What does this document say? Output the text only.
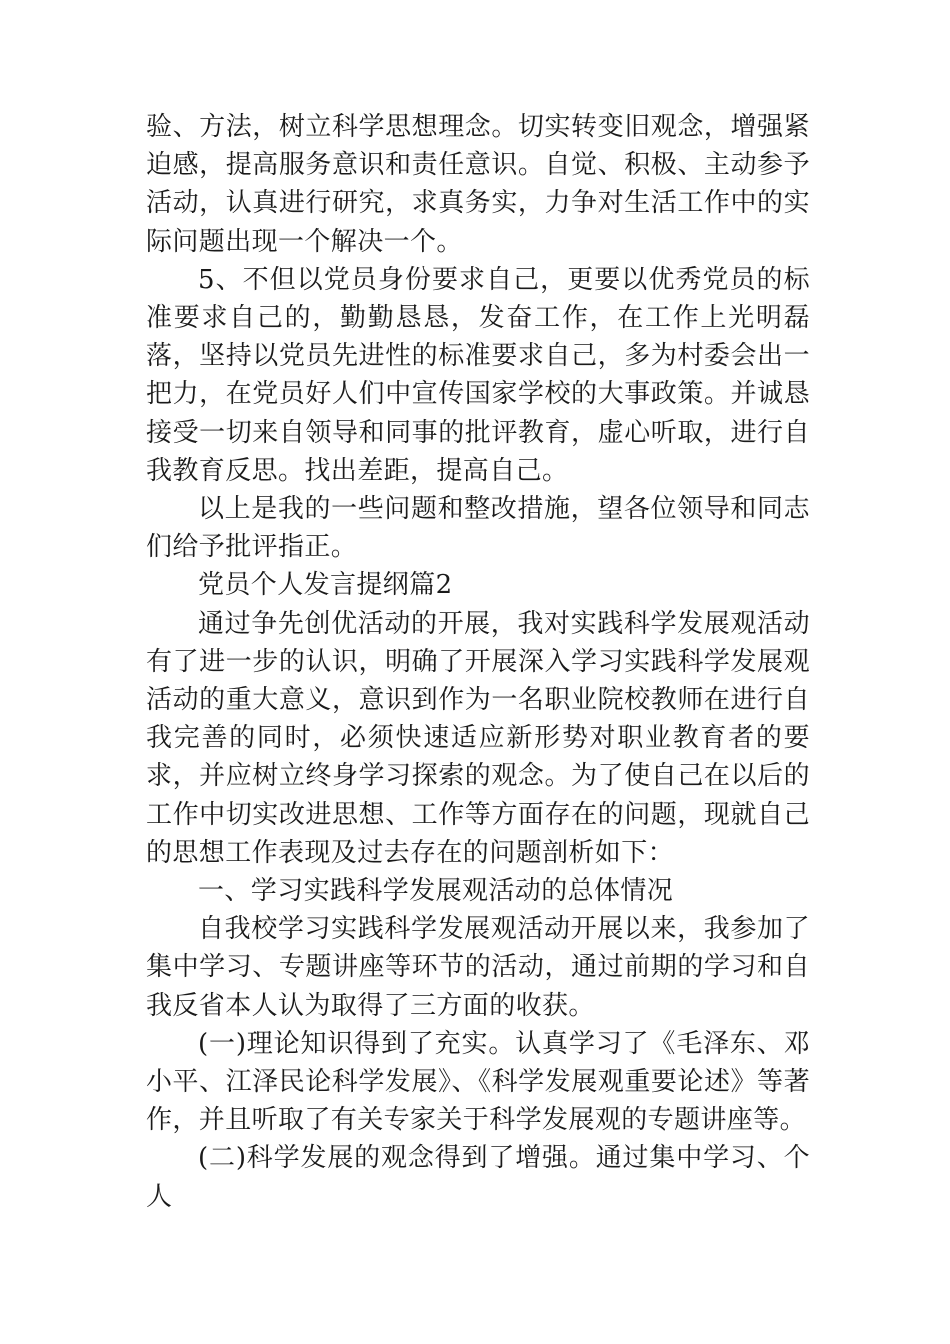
验、方法，树立科学思想理念。切实转变旧观念，增强紧迫感，提高服务意识和责任意识。自觉、积极、主动参予活动，认真进行研究，求真务实，力争对生活工作中的实际问题出现一个解决一个。

5、不但以党员身份要求自己，更要以优秀党员的标准要求自己的，勤勤恳恳，发奋工作，在工作上光明磊落，坚持以党员先进性的标准要求自己，多为村委会出一把力，在党员好人们中宣传国家学校的大事政策。并诚恳接受一切来自领导和同事的批评教育，虚心听取，进行自我教育反思。找出差距，提高自己。

以上是我的一些问题和整改措施，望各位领导和同志们给予批评指正。

党员个人发言提纲篇2

通过争先创优活动的开展，我对实践科学发展观活动有了进一步的认识，明确了开展深入学习实践科学发展观活动的重大意义，意识到作为一名职业院校教师在进行自我完善的同时，必须快速适应新形势对职业教育者的要求，并应树立终身学习探索的观念。为了使自己在以后的工作中切实改进思想、工作等方面存在的问题，现就自己的思想工作表现及过去存在的问题剖析如下：

一、学习实践科学发展观活动的总体情况

自我校学习实践科学发展观活动开展以来，我参加了集中学习、专题讲座等环节的活动，通过前期的学习和自我反省本人认为取得了三方面的收获。

(一)理论知识得到了充实。认真学习了《毛泽东、邓小平、江泽民论科学发展》、《科学发展观重要论述》等著作，并且听取了有关专家关于科学发展观的专题讲座等。

(二)科学发展的观念得到了增强。通过集中学习、个人
